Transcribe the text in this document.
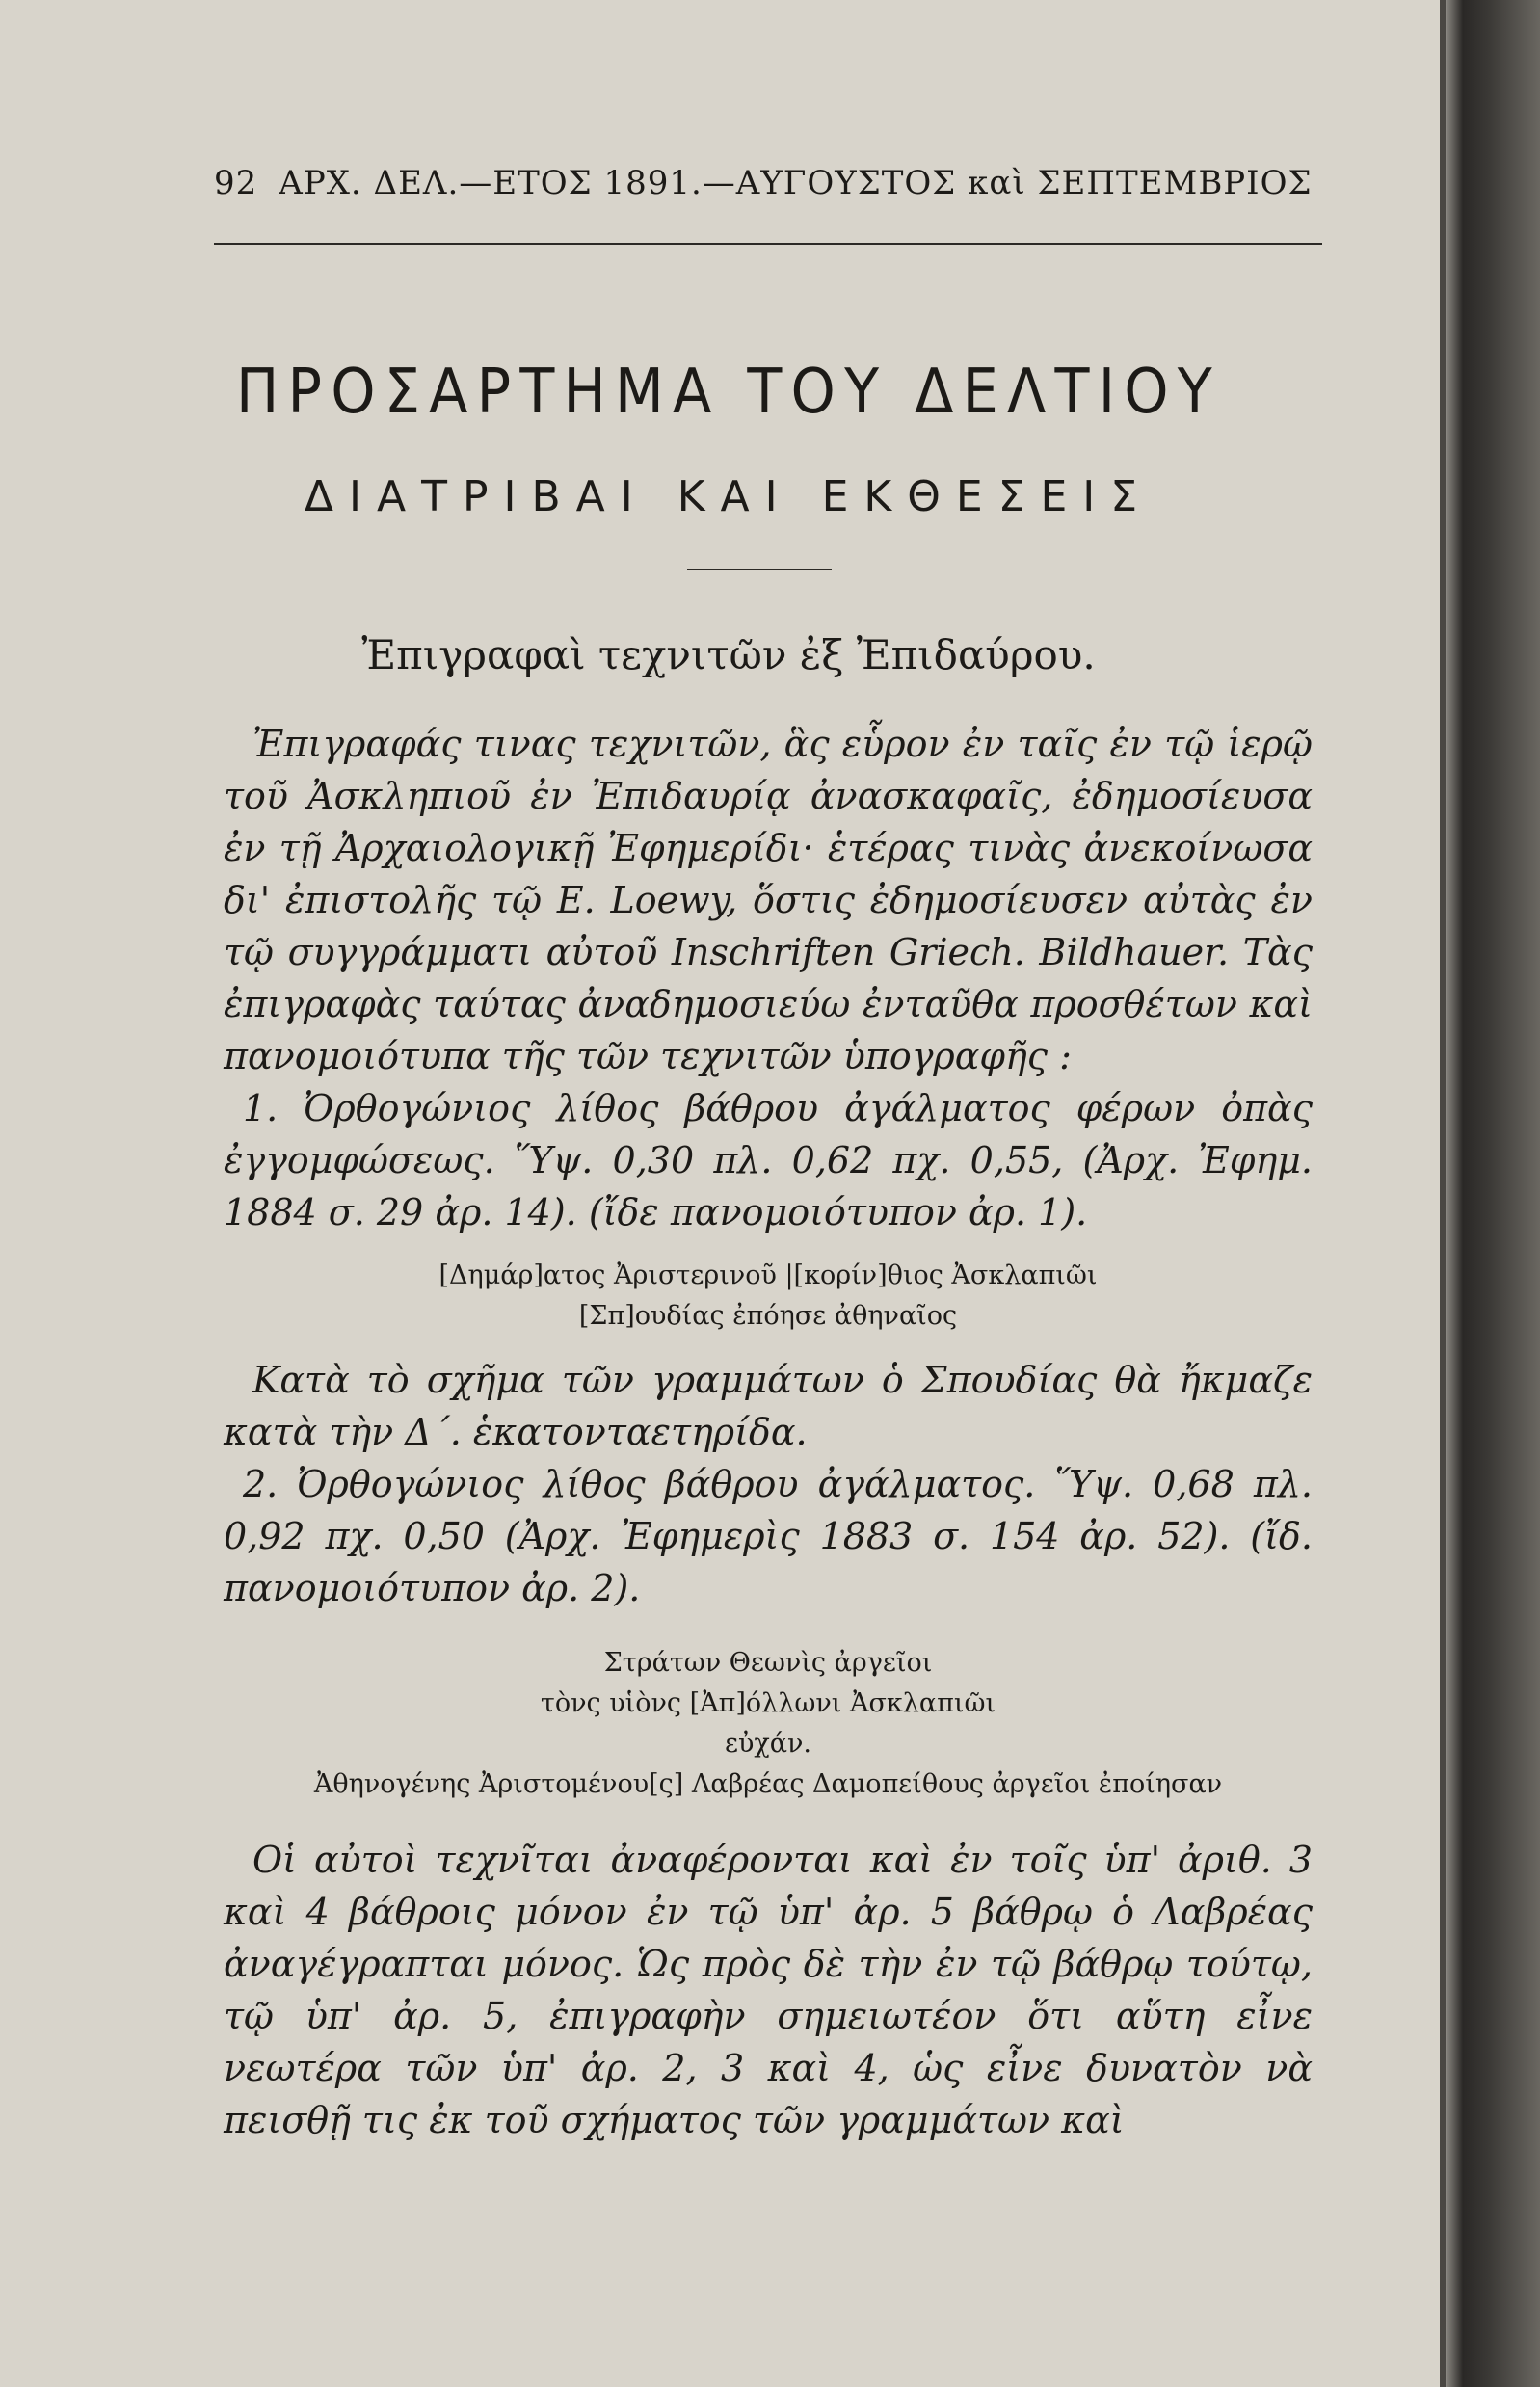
92 ΑΡΧ. ΔΕΛ.—ΕΤΟΣ 1891.—ΑΥΓΟΥΣΤΟΣ καὶ ΣΕΠΤΕΜΒΡΙΟΣ
ΠΡΟΣΑΡΤΗΜΑ ΤΟΥ ΔΕΛΤΙΟΥ
ΔΙΑΤΡΙΒΑΙ ΚΑΙ ΕΚΘΕΣΕΙΣ
Ἐπιγραφαὶ τεχνιτῶν ἐξ Ἐπιδαύρου.

Ἐπιγραφάς τινας τεχνιτῶν, ἃς εὗρον ἐν ταῖς ἐν τῷ ἱερῷ τοῦ Ἀσκληπιοῦ ἐν Ἐπιδαυρίᾳ ἀνασκαφαῖς, ἐδημοσίευσα ἐν τῇ Ἀρχαιολογικῇ Ἐφημερίδι· ἑτέρας τινὰς ἀνεκοίνωσα δι' ἐπιστολῆς τῷ E. Loewy, ὅστις ἐδημοσίευσεν αὐτὰς ἐν τῷ συγγράμματι αὐτοῦ Inschriften Griech. Bildhauer. Τὰς ἐπιγραφὰς ταύτας ἀναδημοσιεύω ἐνταῦθα προσθέτων καὶ πανομοιότυπα τῆς τῶν τεχνιτῶν ὑπογραφῆς :

1. Ὀρθογώνιος λίθος βάθρου ἀγάλματος φέρων ὀπὰς ἐγγομφώσεως. Ὕψ. 0,30 πλ. 0,62 πχ. 0,55, (Ἀρχ. Ἐφημ. 1884 σ. 29 ἀρ. 14). (ἴδε πανομοιότυπον ἀρ. 1).

[Δημάρ]ατος Ἀριστερινοῦ |[κορίν]θιος Ἀσκλαπιῶι
[Σπ]ουδίας ἐπόησε ἀθηναῖος

Κατὰ τὸ σχῆμα τῶν γραμμάτων ὁ Σπουδίας θὰ ἤκμαζε κατὰ τὴν Δ΄. ἑκατονταετηρίδα.

2. Ὀρθογώνιος λίθος βάθρου ἀγάλματος. Ὕψ. 0,68 πλ. 0,92 πχ. 0,50 (Ἀρχ. Ἐφημερὶς 1883 σ. 154 ἀρ. 52). (ἴδ. πανομοιότυπον ἀρ. 2).

Στράτων Θεωνὶς ἀργεῖοι
τὸνς υἱὸνς [Ἀπ]όλλωνι Ἀσκλαπιῶι
εὐχάν.
Ἀθηνογένης Ἀριστομένου[ς] Λαβρέας Δαμοπείθους ἀργεῖοι ἐποίησαν

Οἱ αὐτοὶ τεχνῖται ἀναφέρονται καὶ ἐν τοῖς ὑπ' ἀριθ. 3 καὶ 4 βάθροις μόνον ἐν τῷ ὑπ' ἀρ. 5 βάθρῳ ὁ Λαβρέας ἀναγέγραπται μόνος. Ὡς πρὸς δὲ τὴν ἐν τῷ βάθρῳ τούτῳ, τῷ ὑπ' ἀρ. 5, ἐπιγραφὴν σημειωτέον ὅτι αὕτη εἶνε νεωτέρα τῶν ὑπ' ἀρ. 2, 3 καὶ 4, ὡς εἶνε δυνατὸν νὰ πεισθῇ τις ἐκ τοῦ σχήματος τῶν γραμμάτων καὶ
